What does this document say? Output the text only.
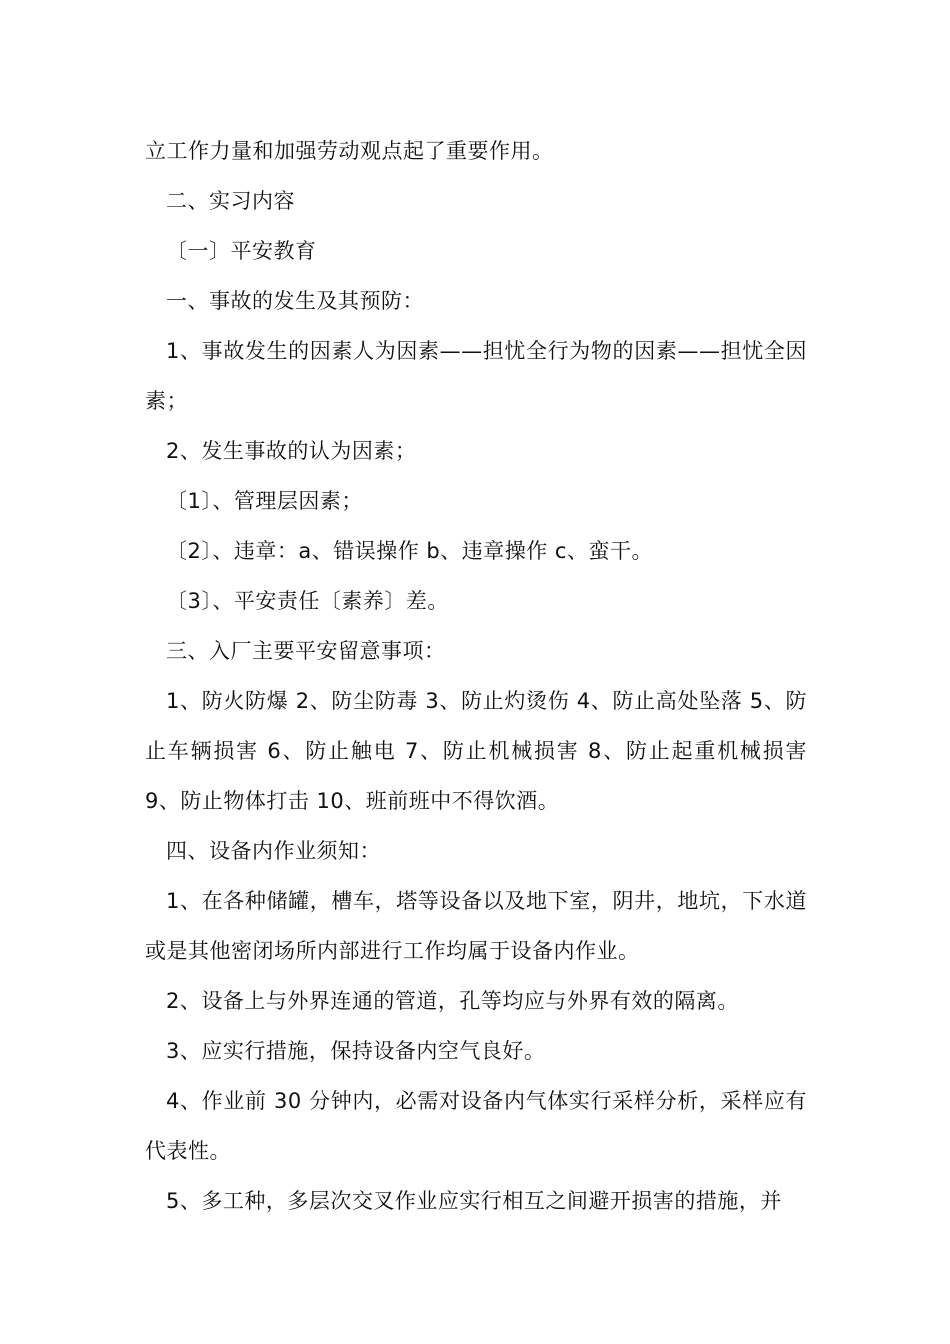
立工作力量和加强劳动观点起了重要作用。

二、实习内容

〔一〕平安教育

一、事故的发生及其预防：

1、事故发生的因素人为因素——担忧全行为物的因素——担忧全因素；

2、发生事故的认为因素；

〔1〕、管理层因素；

〔2〕、违章：a、错误操作 b、违章操作 c、蛮干。

〔3〕、平安责任〔素养〕差。

三、入厂主要平安留意事项：

1、防火防爆 2、防尘防毒 3、防止灼烫伤 4、防止高处坠落 5、防止车辆损害 6、防止触电 7、防止机械损害 8、防止起重机械损害 9、防止物体打击 10、班前班中不得饮酒。

四、设备内作业须知：

1、在各种储罐，槽车，塔等设备以及地下室，阴井，地坑，下水道或是其他密闭场所内部进行工作均属于设备内作业。

2、设备上与外界连通的管道，孔等均应与外界有效的隔离。

3、应实行措施，保持设备内空气良好。

4、作业前 30 分钟内，必需对设备内气体实行采样分析，采样应有代表性。

5、多工种，多层次交叉作业应实行相互之间避开损害的措施，并
